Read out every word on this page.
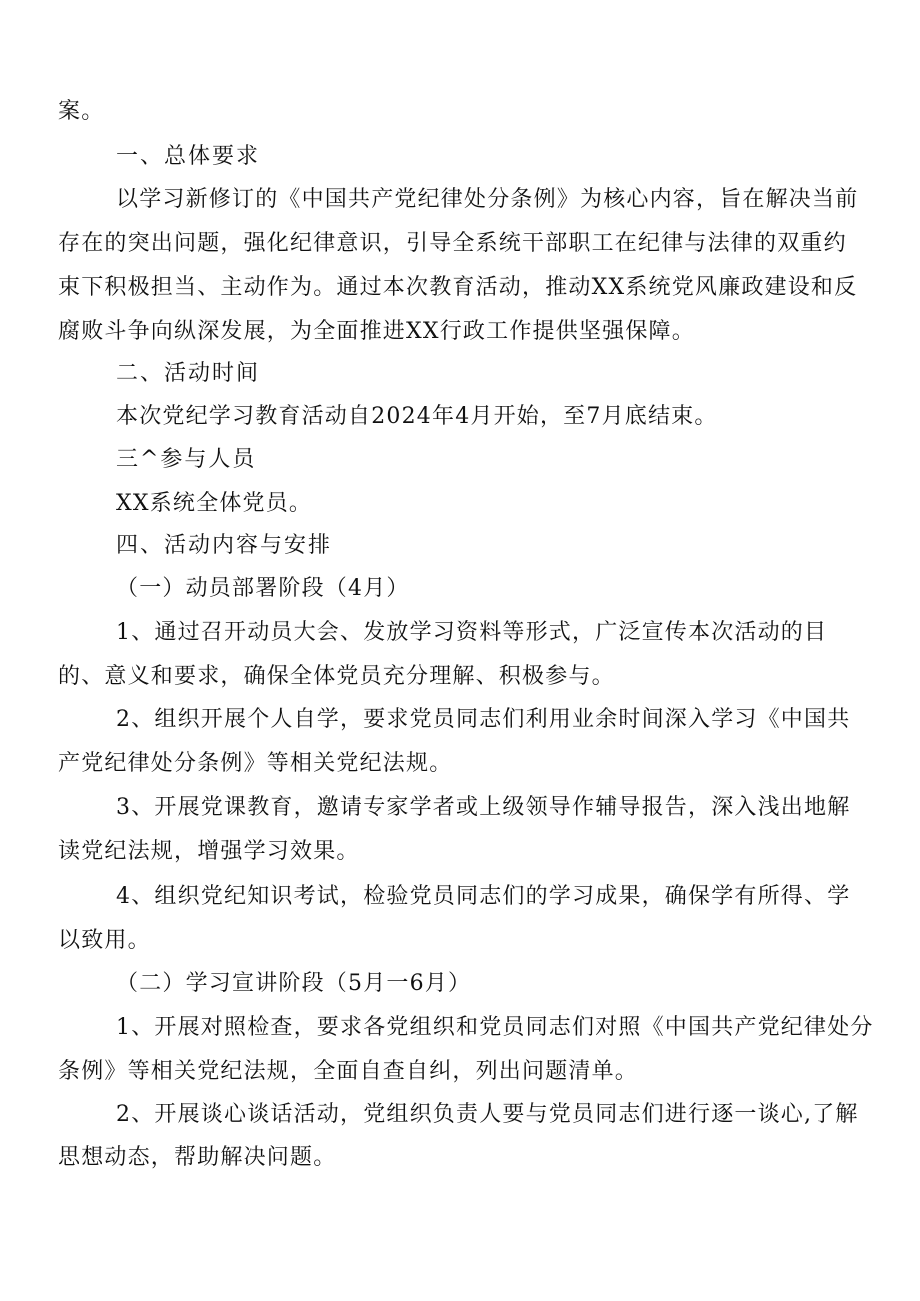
案。
一、总体要求
以学习新修订的《中国共产党纪律处分条例》为核心内容，旨在解决当前
存在的突出问题，强化纪律意识，引导全系统干部职工在纪律与法律的双重约
束下积极担当、主动作为。通过本次教育活动，推动XX系统党风廉政建设和反
腐败斗争向纵深发展，为全面推进XX行政工作提供坚强保障。
二、活动时间
本次党纪学习教育活动自2024年4月开始，至7月底结束。
三^参与人员
XX系统全体党员。
四、活动内容与安排
（一）动员部署阶段（4月）
1、通过召开动员大会、发放学习资料等形式，广泛宣传本次活动的目
的、意义和要求，确保全体党员充分理解、积极参与。
2、组织开展个人自学，要求党员同志们利用业余时间深入学习《中国共
产党纪律处分条例》等相关党纪法规。
3、开展党课教育，邀请专家学者或上级领导作辅导报告，深入浅出地解
读党纪法规，增强学习效果。
4、组织党纪知识考试，检验党员同志们的学习成果，确保学有所得、学
以致用。
（二）学习宣讲阶段（5月一6月）
1、开展对照检查，要求各党组织和党员同志们对照《中国共产党纪律处分
条例》等相关党纪法规，全面自查自纠，列出问题清单。
2、开展谈心谈话活动，党组织负责人要与党员同志们进行逐一谈心,了解
思想动态，帮助解决问题。
